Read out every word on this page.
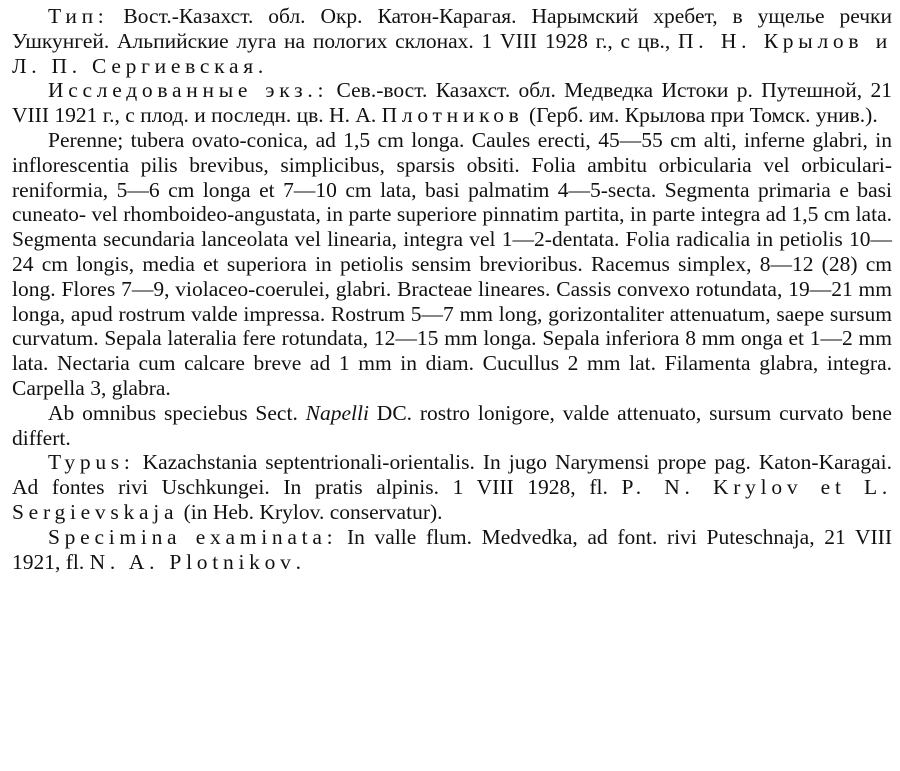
Тип: Вост.-Казахст. обл. Окр. Катон-Карагая. Нарымский хребет, в ущелье речки Ушкунгей. Альпийские луга на пологих склонах. 1 VIII 1928 г., с цв., П. Н. Крылов и Л. П. Сергиевская.

Исследованные экз.: Сев.-вост. Казахст. обл. Медведка Истоки р. Путешной, 21 VIII 1921 г., с плод. и последн. цв. Н. А. Плотников (Герб. им. Крылова при Томск. унив.).

Perenne; tubera ovato-conica, ad 1,5 cm longa. Caules erecti, 45—55 cm alti, inferne glabri, in inflorescentia pilis brevibus, simplicibus, sparsis obsiti. Folia ambitu orbicularia vel orbiculari-reniformia, 5—6 cm longa et 7—10 cm lata, basi palmatim 4—5-secta. Segmenta primaria e basi cuneato- vel rhomboideo-angustata, in parte superiore pinnatim partita, in parte integra ad 1,5 cm lata. Segmenta secundaria lanceolata vel linearia, integra vel 1—2-dentata. Folia radicalia in petiolis 10—24 cm longis, media et superiora in petiolis sensim brevioribus. Racemus simplex, 8—12 (28) cm long. Flores 7—9, violaceo-coerulei, glabri. Bracteae lineares. Cassis convexo rotundata, 19—21 mm longa, apud rostrum valde impressa. Rostrum 5—7 mm long, gorizontaliter attenuatum, saepe sursum curvatum. Sepala lateralia fere rotundata, 12—15 mm longa. Sepala inferiora 8 mm onga et 1—2 mm lata. Nectaria cum calcare breve ad 1 mm in diam. Cucullus 2 mm lat. Filamenta glabra, integra. Carpella 3, glabra.

Ab omnibus speciebus Sect. Napelli DC. rostro lonigore, valde attenuato, sursum curvato bene differt.

Typus: Kazachstania septentrionali-orientalis. In jugo Narymensi prope pag. Katon-Karagai. Ad fontes rivi Uschkungei. In pratis alpinis. 1 VIII 1928, fl. P. N. Krylov et L. Sergievskaja (in Heb. Krylov. conservatur).

Specimina examinata: In valle flum. Medvedka, ad font. rivi Puteschnaja, 21 VIII 1921, fl. N. A. Plotnikov.
